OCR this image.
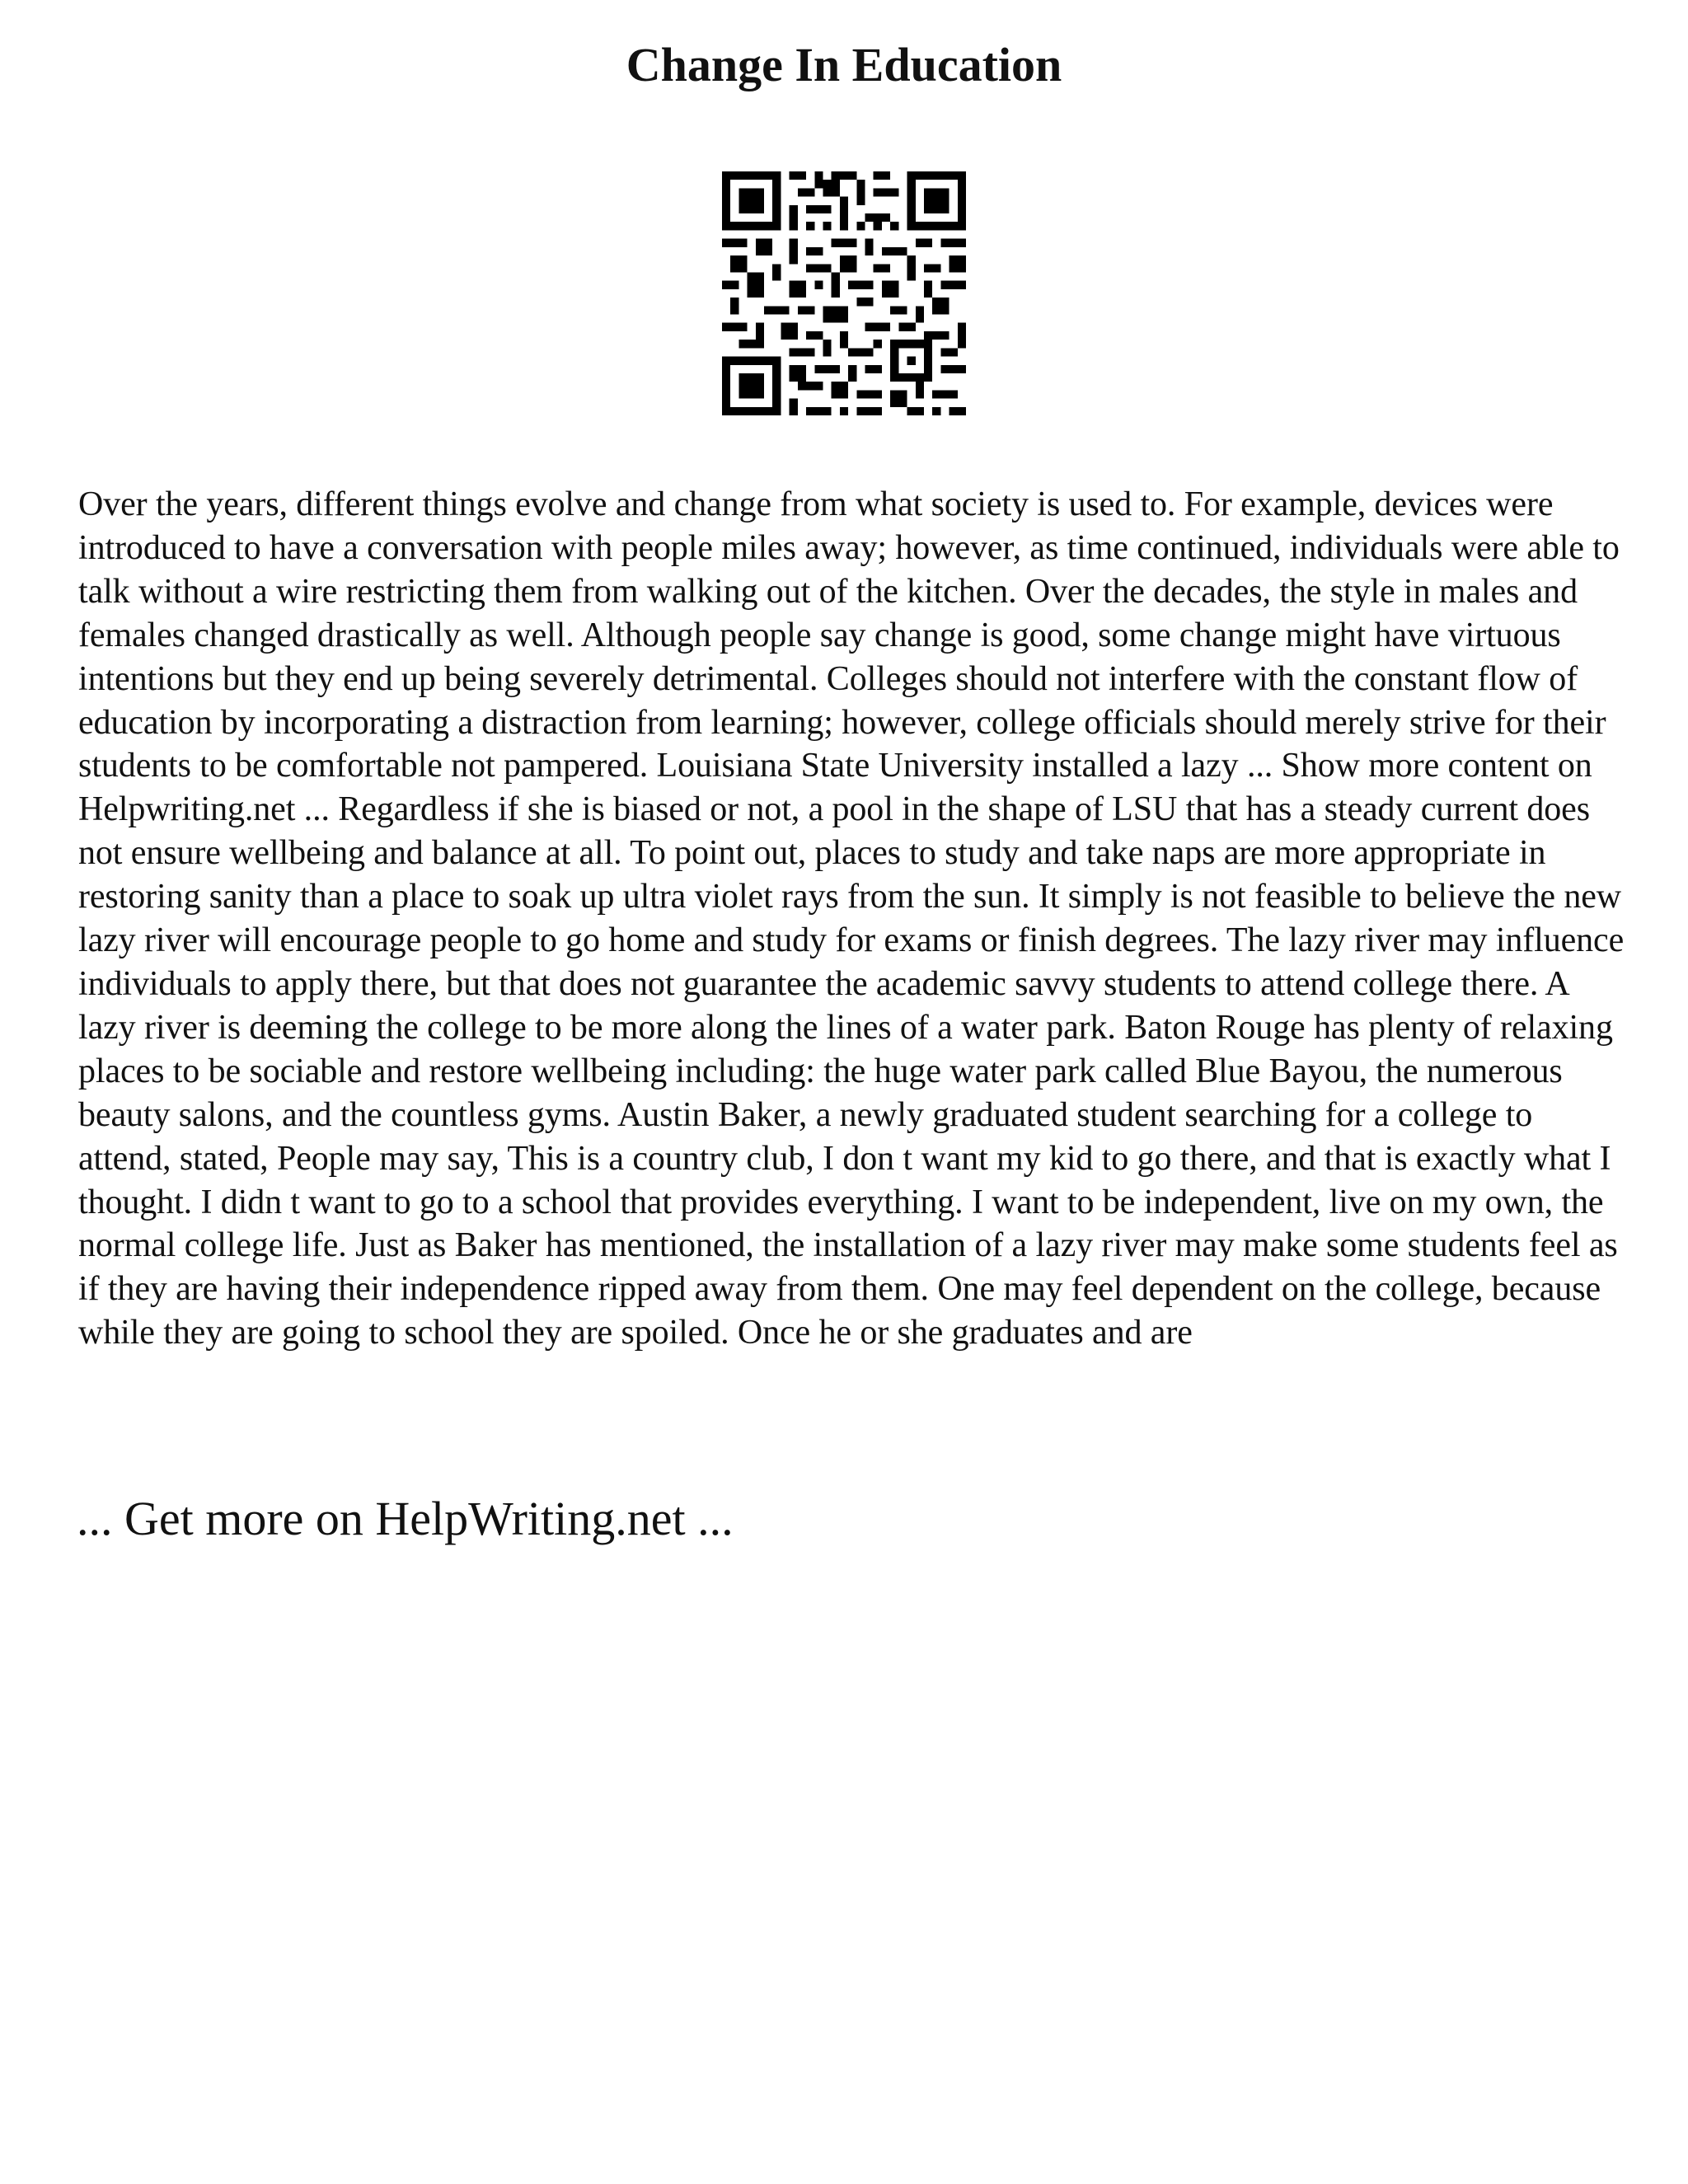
Change In Education

Over the years, different things evolve and change from what society is used to. For example, devices were introduced to have a conversation with people miles away; however, as time continued, individuals were able to talk without a wire restricting them from walking out of the kitchen. Over the decades, the style in males and females changed drastically as well. Although people say change is good, some change might have virtuous intentions but they end up being severely detrimental. Colleges should not interfere with the constant flow of education by incorporating a distraction from learning; however, college officials should merely strive for their students to be comfortable not pampered. Louisiana State University installed a lazy ... Show more content on Helpwriting.net ... Regardless if she is biased or not, a pool in the shape of LSU that has a steady current does not ensure wellbeing and balance at all. To point out, places to study and take naps are more appropriate in restoring sanity than a place to soak up ultra violet rays from the sun. It simply is not feasible to believe the new lazy river will encourage people to go home and study for exams or finish degrees. The lazy river may influence individuals to apply there, but that does not guarantee the academic savvy students to attend college there. A lazy river is deeming the college to be more along the lines of a water park. Baton Rouge has plenty of relaxing places to be sociable and restore wellbeing including: the huge water park called Blue Bayou, the numerous beauty salons, and the countless gyms. Austin Baker, a newly graduated student searching for a college to attend, stated, People may say, This is a country club, I don t want my kid to go there, and that is exactly what I thought. I didn t want to go to a school that provides everything. I want to be independent, live on my own, the normal college life. Just as Baker has mentioned, the installation of a lazy river may make some students feel as if they are having their independence ripped away from them. One may feel dependent on the college, because while they are going to school they are spoiled. Once he or she graduates and are

... Get more on HelpWriting.net ...
